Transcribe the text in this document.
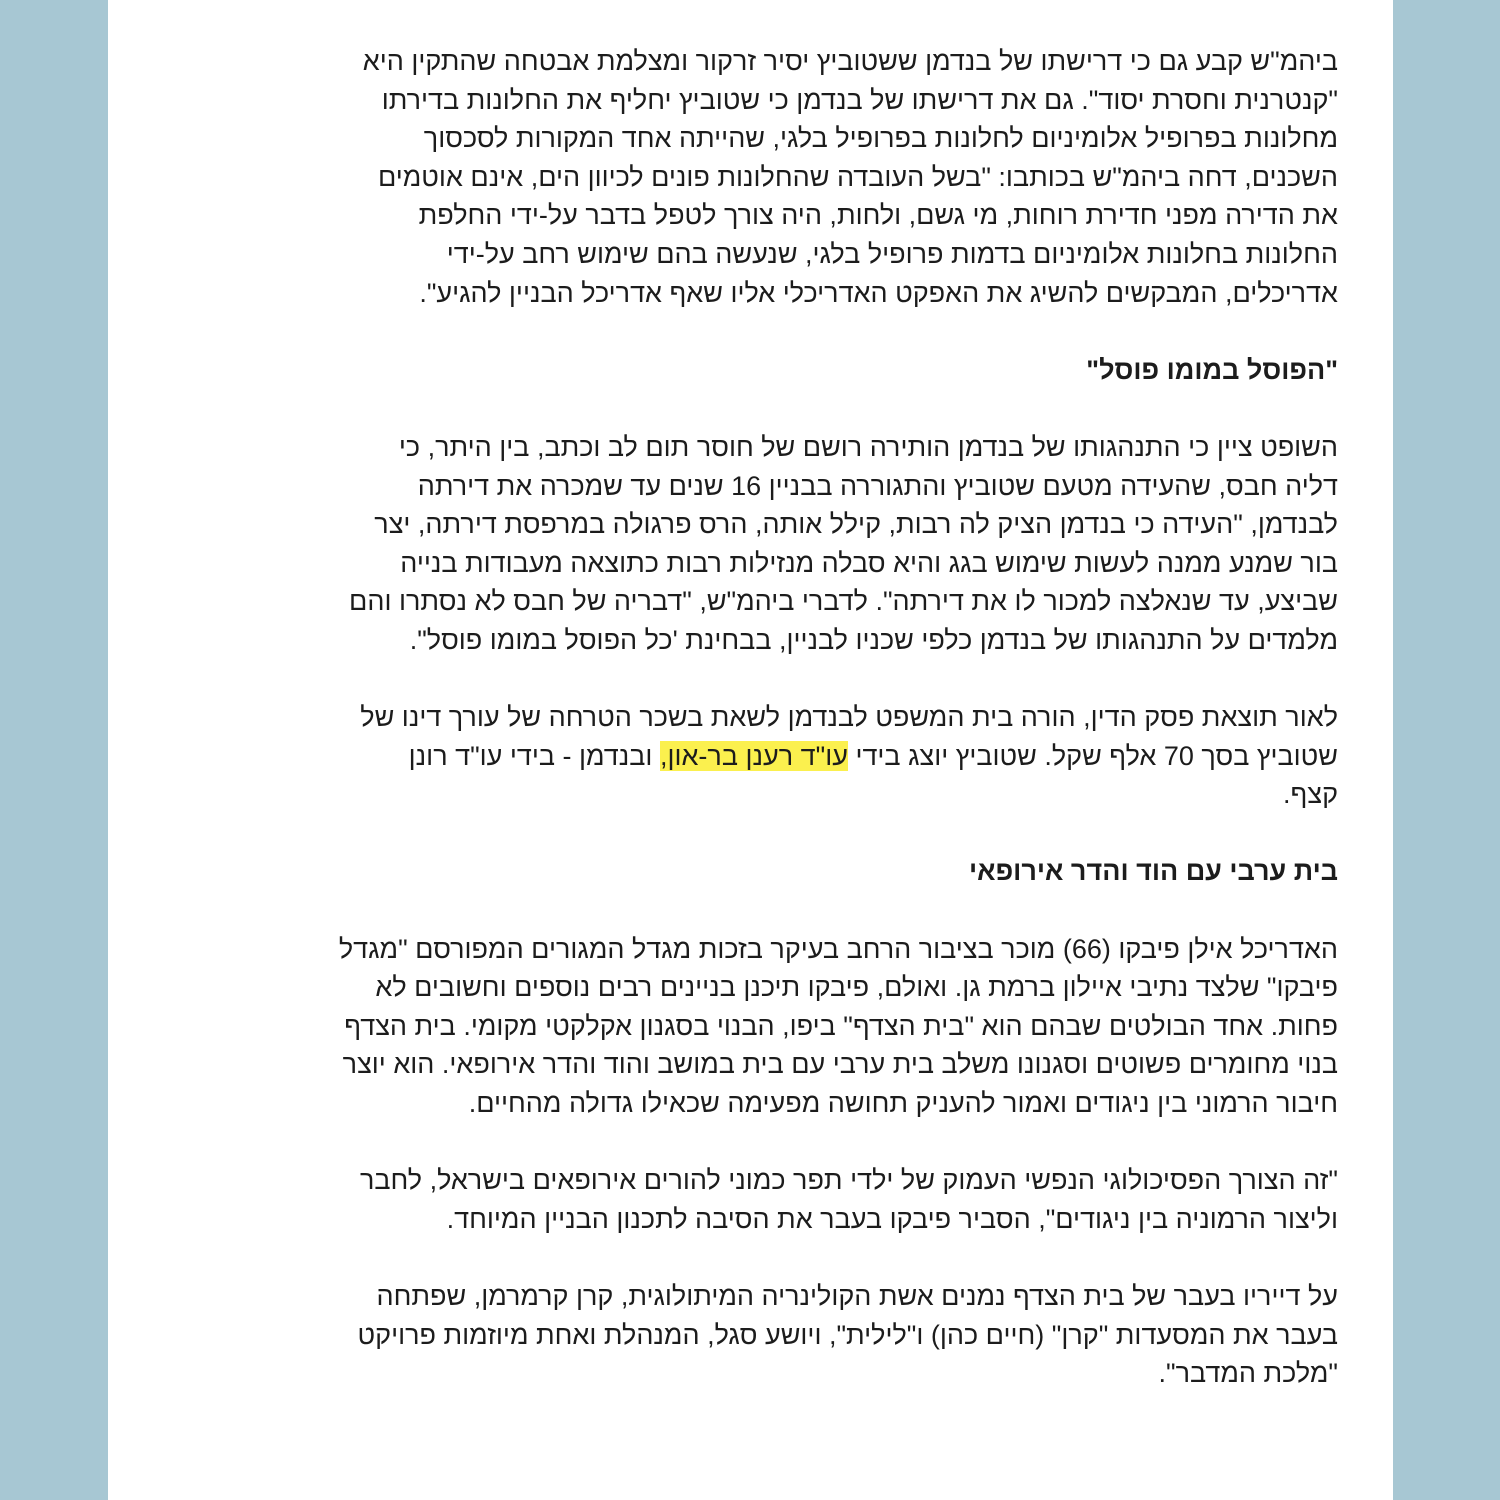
ביהמ"ש קבע גם כי דרישתו של בנדמן ששטוביץ יסיר זרקור ומצלמת אבטחה שהתקין היא
"קנטרנית וחסרת יסוד". גם את דרישתו של בנדמן כי שטוביץ יחליף את החלונות בדירתו
מחלונות בפרופיל אלומיניום לחלונות בפרופיל בלגי, שהייתה אחד המקורות לסכסוך
השכנים, דחה ביהמ"ש בכותבו: "בשל העובדה שהחלונות פונים לכיוון הים, אינם אוטמים
את הדירה מפני חדירת רוחות, מי גשם, ולחות, היה צורך לטפל בדבר על-ידי החלפת
החלונות בחלונות אלומיניום בדמות פרופיל בלגי, שנעשה בהם שימוש רחב על-ידי
אדריכלים, המבקשים להשיג את האפקט האדריכלי אליו שאף אדריכל הבניין להגיע".
"הפוסל במומו פוסל"
השופט ציין כי התנהגותו של בנדמן הותירה רושם של חוסר תום לב וכתב, בין היתר, כי
דליה חבס, שהעידה מטעם שטוביץ והתגוררה בבניין 16 שנים עד שמכרה את דירתה
לבנדמן, "העידה כי בנדמן הציק לה רבות, קילל אותה, הרס פרגולה במרפסת דירתה, יצר
בור שמנע ממנה לעשות שימוש בגג והיא סבלה מנזילות רבות כתוצאה מעבודות בנייה
שביצע, עד שנאלצה למכור לו את דירתה". לדברי ביהמ"ש, "דבריה של חבס לא נסתרו והם
מלמדים על התנהגותו של בנדמן כלפי שכניו לבניין, בבחינת 'כל הפוסל במומו פוסל".
לאור תוצאת פסק הדין, הורה בית המשפט לבנדמן לשאת בשכר הטרחה של עורך דינו של
שטוביץ בסך 70 אלף שקל. שטוביץ יוצג בידי עו"ד רענן בר-און, ובנדמן - בידי עו"ד רונן
קצף.
בית ערבי עם הוד והדר אירופאי
האדריכל אילן פיבקו (66) מוכר בציבור הרחב בעיקר בזכות מגדל המגורים המפורסם "מגדל
פיבקו" שלצד נתיבי איילון ברמת גן. ואולם, פיבקו תיכנן בניינים רבים נוספים וחשובים לא
פחות. אחד הבולטים שבהם הוא "בית הצדף" ביפו, הבנוי בסגנון אקלקטי מקומי. בית הצדף
בנוי מחומרים פשוטים וסגנונו משלב בית ערבי עם בית במושב והוד והדר אירופאי. הוא יוצר
חיבור הרמוני בין ניגודים ואמור להעניק תחושה מפעימה שכאילו גדולה מהחיים.
"זה הצורך הפסיכולוגי הנפשי העמוק של ילדי תפר כמוני להורים אירופאים בישראל, לחבר
וליצור הרמוניה בין ניגודים", הסביר פיבקו בעבר את הסיבה לתכנון הבניין המיוחד.
על דייריו בעבר של בית הצדף נמנים אשת הקולינריה המיתולוגית, קרן קרמרמן, שפתחה
בעבר את המסעדות "קרן" (חיים כהן) ו"לילית", ויושע סגל, המנהלת ואחת מיוזמות פרויקט
"מלכת המדבר".
